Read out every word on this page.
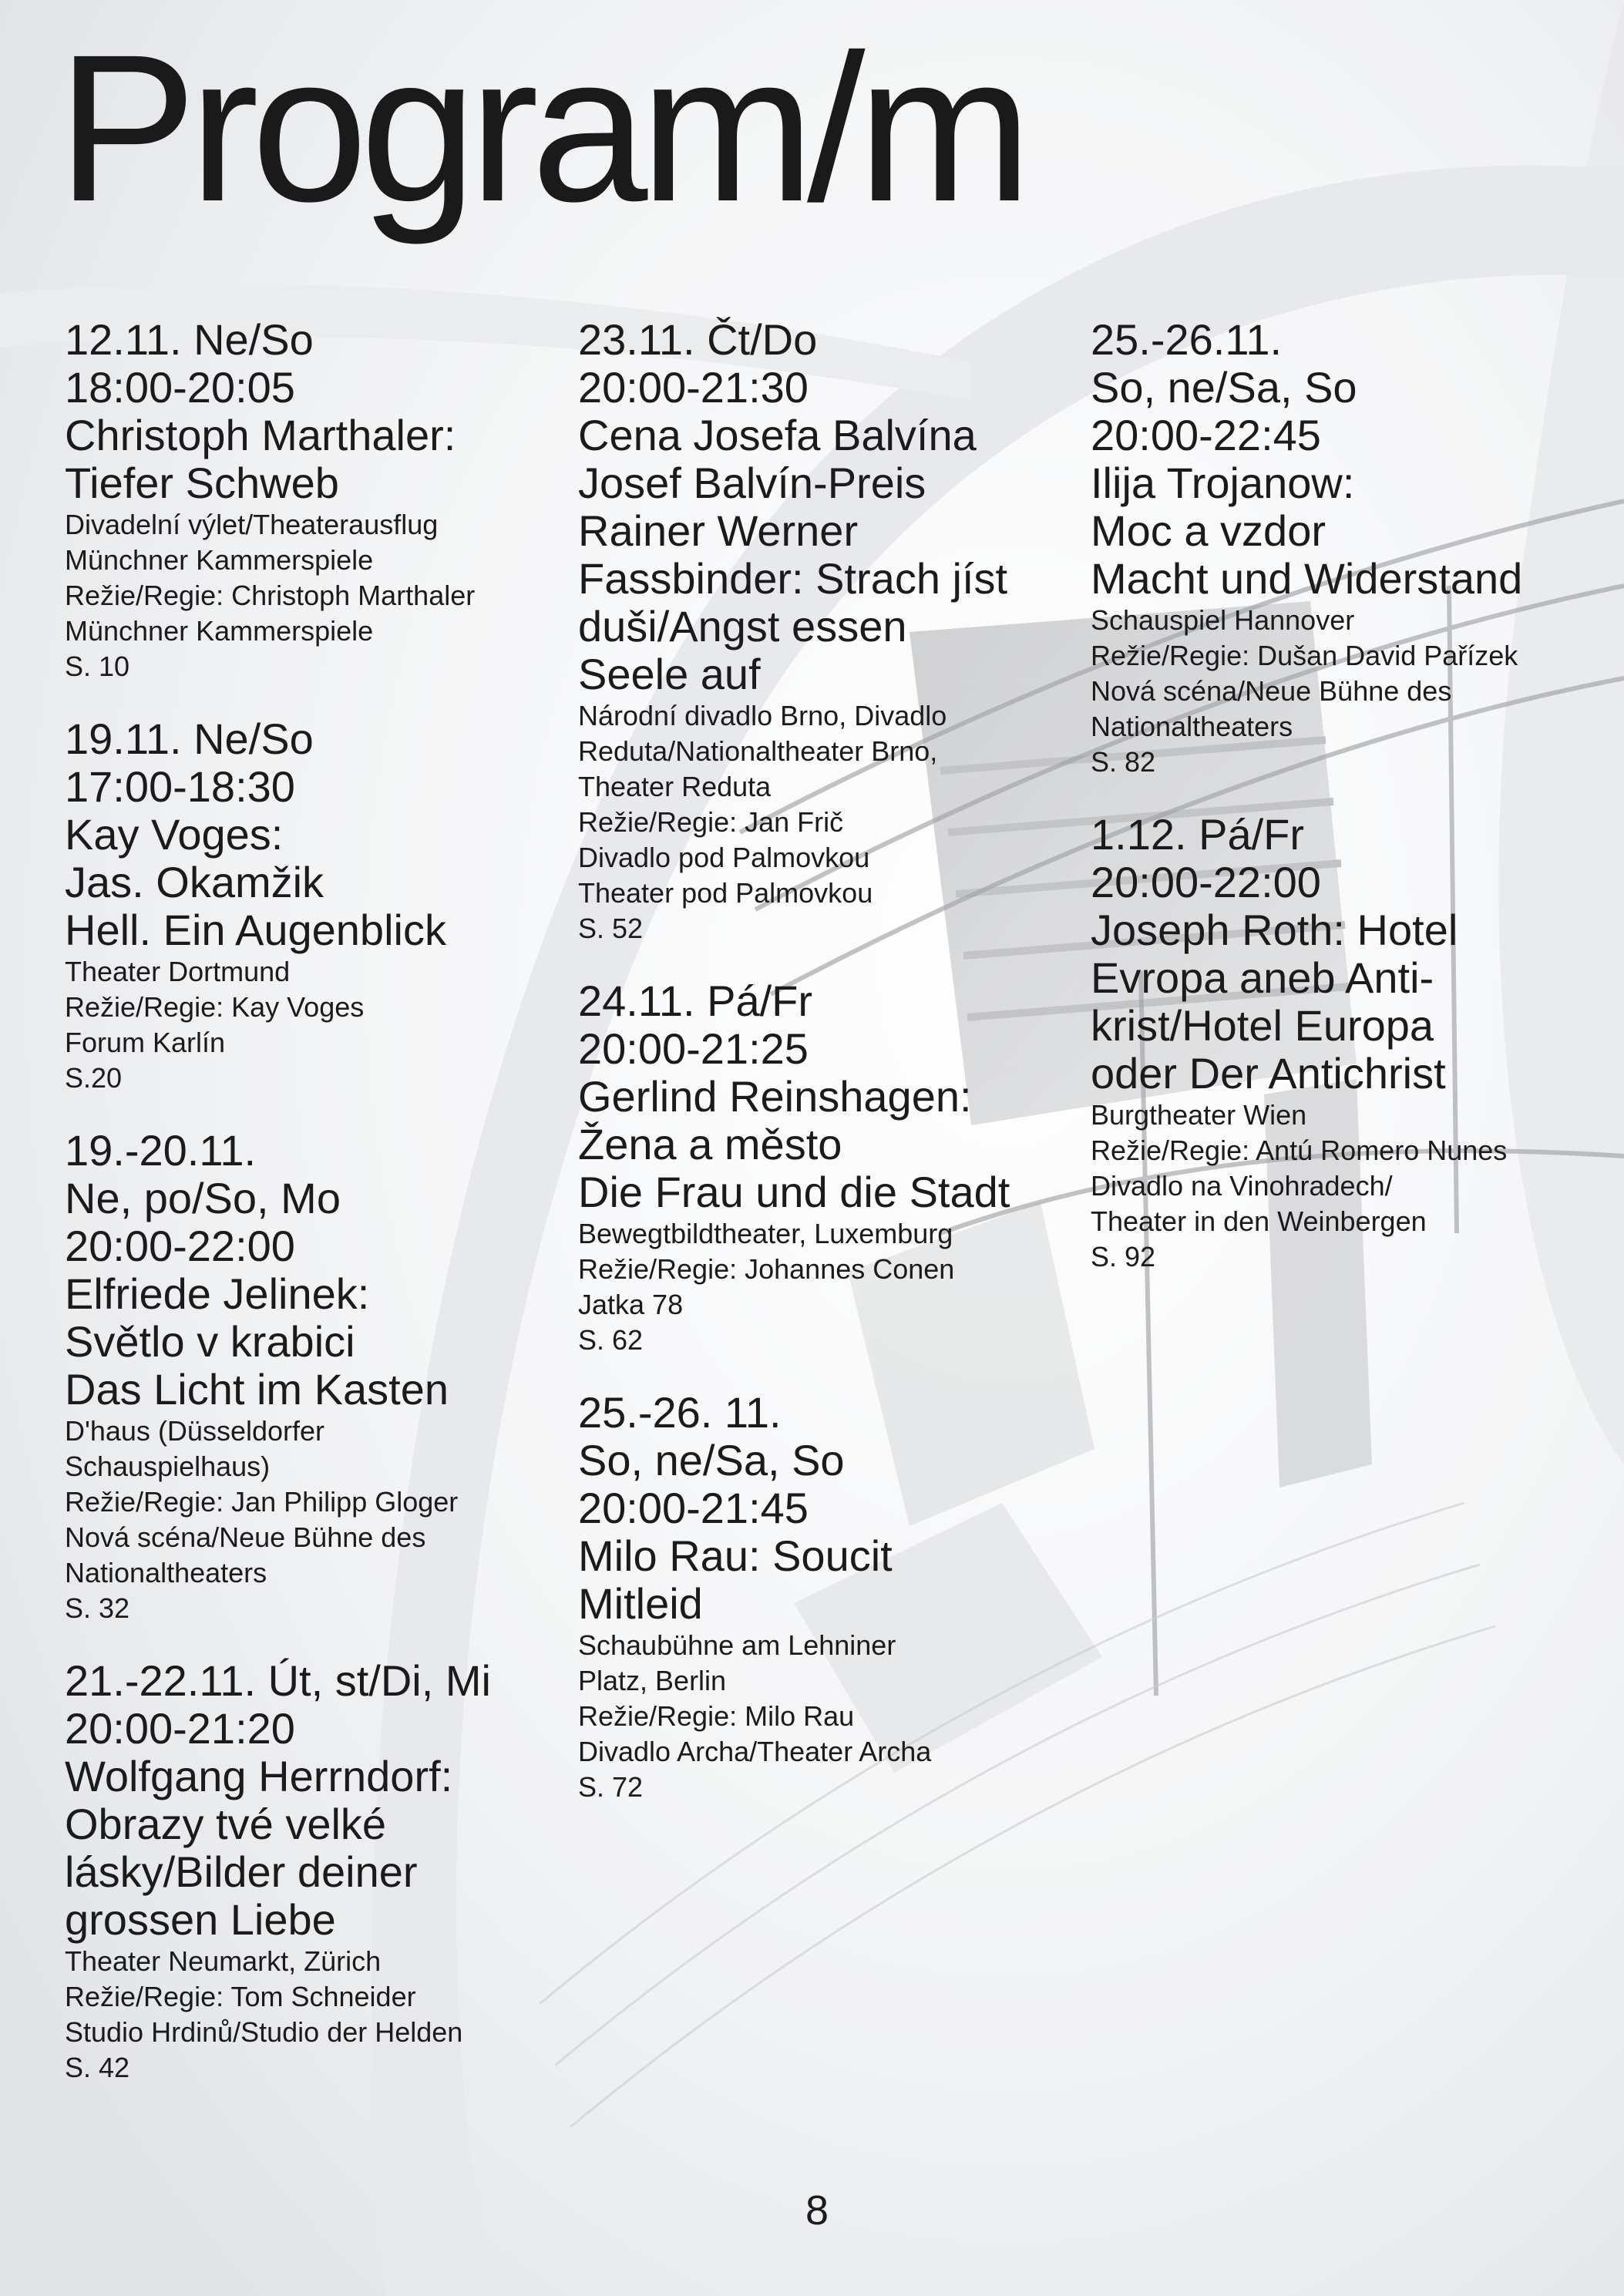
Program/m
12.11. Ne/So
18:00-20:05
Christoph Marthaler:
Tiefer Schweb
Divadelní výlet/Theaterausflug
Münchner Kammerspiele
Režie/Regie: Christoph Marthaler
Münchner Kammerspiele
S. 10
19.11. Ne/So
17:00-18:30
Kay Voges:
Jas. Okamžik
Hell. Ein Augenblick
Theater Dortmund
Režie/Regie: Kay Voges
Forum Karlín
S.20
19.-20.11.
Ne, po/So, Mo
20:00-22:00
Elfriede Jelinek:
Světlo v krabici
Das Licht im Kasten
D'haus (Düsseldorfer
Schauspielhaus)
Režie/Regie: Jan Philipp Gloger
Nová scéna/Neue Bühne des
Nationaltheaters
S. 32
21.-22.11. Út, st/Di, Mi
20:00-21:20
Wolfgang Herrndorf:
Obrazy tvé velké
lásky/Bilder deiner
grossen Liebe
Theater Neumarkt, Zürich
Režie/Regie: Tom Schneider
Studio Hrdinů/Studio der Helden
S. 42
23.11. Čt/Do
20:00-21:30
Cena Josefa Balvína
Josef Balvín-Preis
Rainer Werner
Fassbinder: Strach jíst
duši/Angst essen
Seele auf
Národní divadlo Brno, Divadlo
Reduta/Nationaltheater Brno,
Theater Reduta
Režie/Regie: Jan Frič
Divadlo pod Palmovkou
Theater pod Palmovkou
S. 52
24.11. Pá/Fr
20:00-21:25
Gerlind Reinshagen:
Žena a město
Die Frau und die Stadt
Bewegtbildtheater, Luxemburg
Režie/Regie: Johannes Conen
Jatka 78
S. 62
25.-26. 11.
So, ne/Sa, So
20:00-21:45
Milo Rau: Soucit
Mitleid
Schaubühne am Lehniner
Platz, Berlin
Režie/Regie: Milo Rau
Divadlo Archa/Theater Archa
S. 72
25.-26.11.
So, ne/Sa, So
20:00-22:45
Ilija Trojanow:
Moc a vzdor
Macht und Widerstand
Schauspiel Hannover
Režie/Regie: Dušan David Pařízek
Nová scéna/Neue Bühne des
Nationaltheaters
S. 82
1.12. Pá/Fr
20:00-22:00
Joseph Roth: Hotel
Evropa aneb Anti-
krist/Hotel Europa
oder Der Antichrist
Burgtheater Wien
Režie/Regie: Antú Romero Nunes
Divadlo na Vinohradech/
Theater in den Weinbergen
S. 92
8
